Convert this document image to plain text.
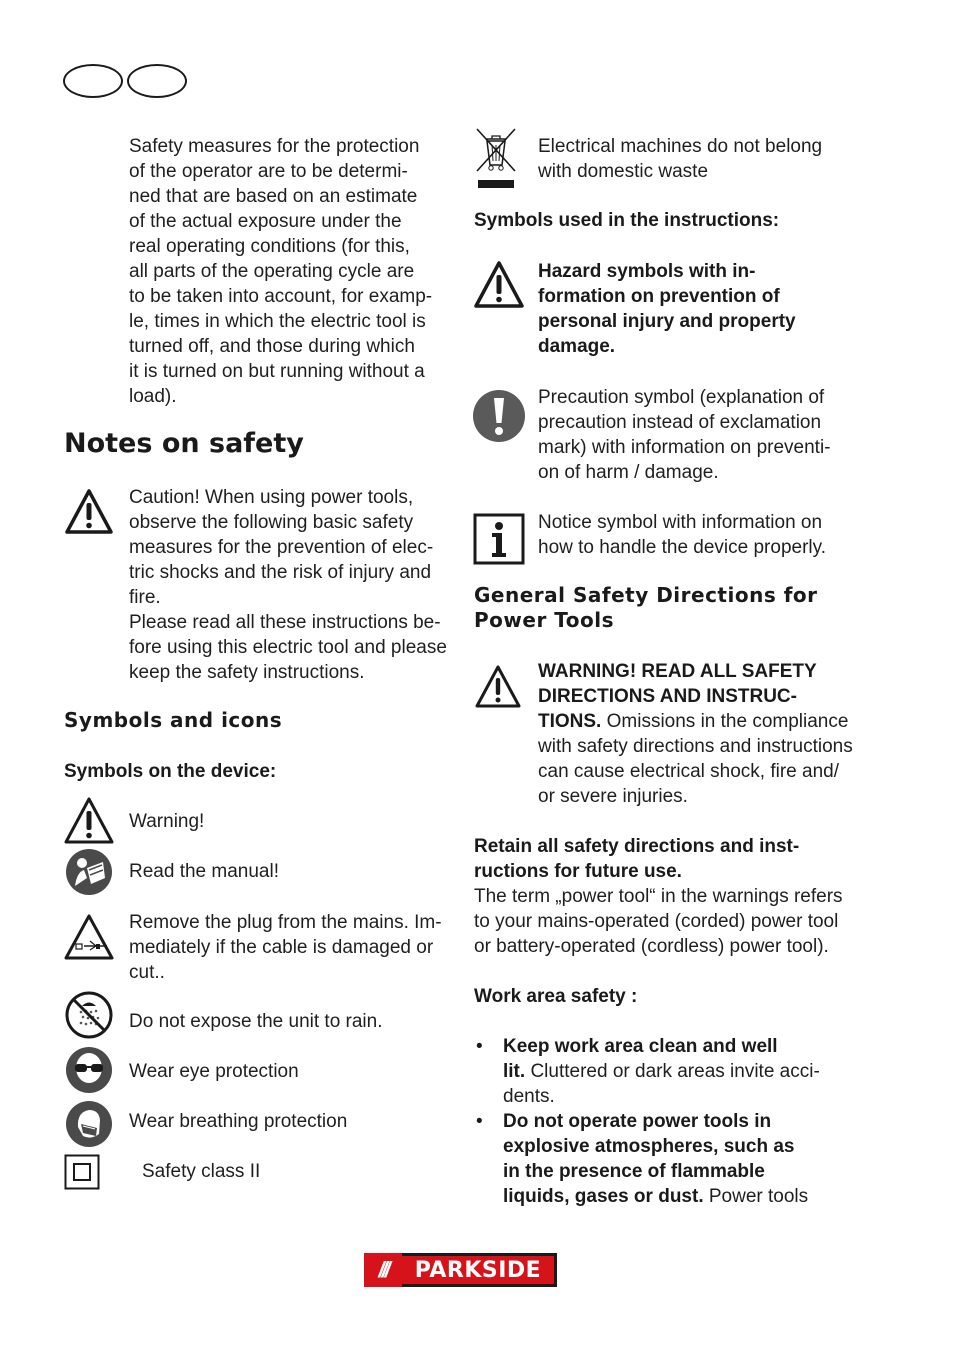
Safety measures for the protection
of the operator are to be determi-
ned that are based on an estimate
of the actual exposure under the
real operating conditions (for this,
all parts of the operating cycle are
to be taken into account, for examp-
le, times in which the electric tool is
turned off, and those during which
it is turned on but running without a
load).
Notes on safety
Caution! When using power tools,
observe the following basic safety
measures for the prevention of elec-
tric shocks and the risk of injury and
fire.
Please read all these instructions be-
fore using this electric tool and please
keep the safety instructions.
Symbols and icons
Symbols on the device:
Warning!
Read the manual!
Remove the plug from the mains. Im-
mediately if the cable is damaged or
cut..
Do not expose the unit to rain.
Wear eye protection
Wear breathing protection
Safety class II
Electrical machines do not belong
with domestic waste
Symbols used in the instructions:
Hazard symbols with in-
formation on prevention of
personal injury and property
damage.
Precaution symbol (explanation of
precaution instead of exclamation
mark) with information on preventi-
on of harm / damage.
Notice symbol with information on
how to handle the device properly.
General Safety Directions for
Power Tools
WARNING! READ ALL SAFETY
DIRECTIONS AND INSTRUC-
TIONS. Omissions in the compliance
with safety directions and instructions
can cause electrical shock, fire and/
or severe injuries.
Retain all safety directions and inst-
ructions for future use.
The term „power tool“ in the warnings refers
to your mains-operated (corded) power tool
or battery-operated (cordless) power tool).
Work area safety :
• Keep work area clean and well
lit. Cluttered or dark areas invite acci-
dents.
• Do not operate power tools in
explosive atmospheres, such as
in the presence of flammable
liquids, gases or dust. Power tools
///	PARKSIDE
